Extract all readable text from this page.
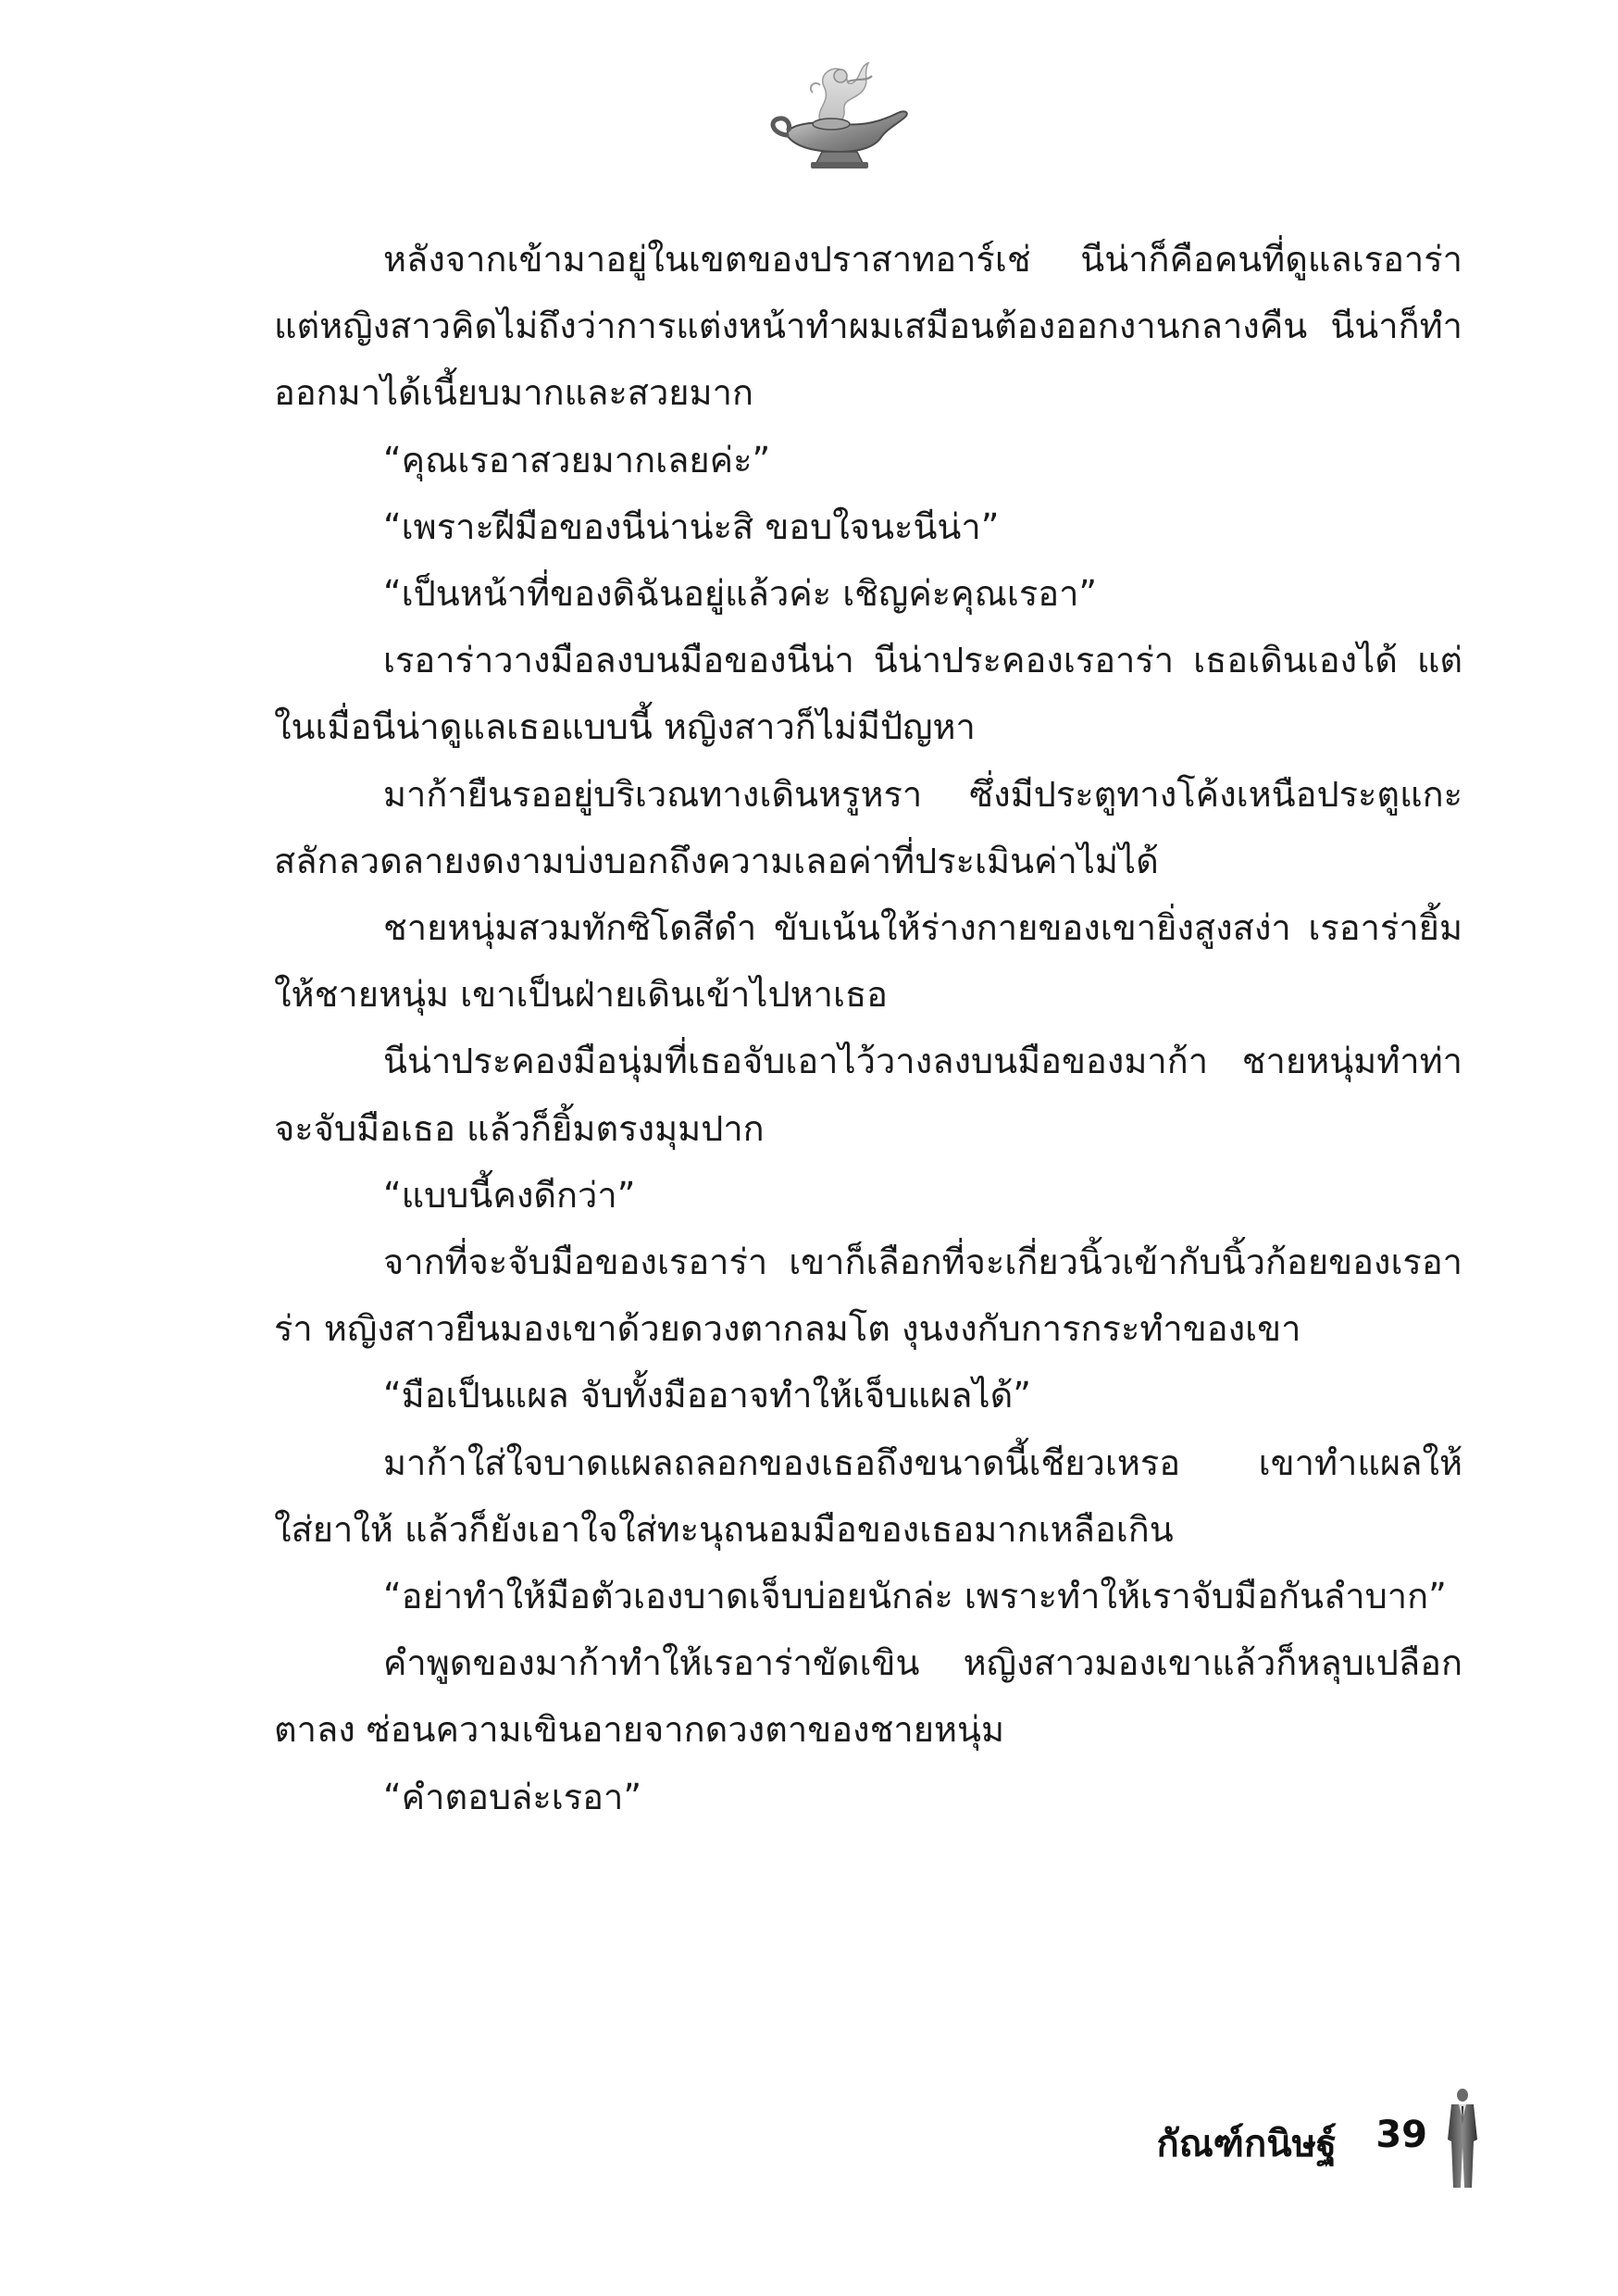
หลังจากเข้ามาอยู่ในเขตของปราสาทอาร์เช่ นีน่าก็คือคนที่ดูแลเรอาร่า แต่หญิงสาวคิดไม่ถึงว่าการแต่งหน้าทำผมเสมือนต้องออกงานกลางคืน นีน่าก็ทำออกมาได้เนี้ยบมากและสวยมาก

“คุณเรอาสวยมากเลยค่ะ”

“เพราะฝีมือของนีน่าน่ะสิ ขอบใจนะนีน่า”

“เป็นหน้าที่ของดิฉันอยู่แล้วค่ะ เชิญค่ะคุณเรอา”

เรอาร่าวางมือลงบนมือของนีน่า นีน่าประคองเรอาร่า เธอเดินเองได้ แต่ในเมื่อนีน่าดูแลเธอแบบนี้ หญิงสาวก็ไม่มีปัญหา

มาก้ายืนรออยู่บริเวณทางเดินหรูหรา ซึ่งมีประตูทางโค้งเหนือประตูแกะสลักลวดลายงดงามบ่งบอกถึงความเลอค่าที่ประเมินค่าไม่ได้

ชายหนุ่มสวมทักซิโดสีดำ ขับเน้นให้ร่างกายของเขายิ่งสูงสง่า เรอาร่ายิ้มให้ชายหนุ่ม เขาเป็นฝ่ายเดินเข้าไปหาเธอ

นีน่าประคองมือนุ่มที่เธอจับเอาไว้วางลงบนมือของมาก้า ชายหนุ่มทำท่าจะจับมือเธอ แล้วก็ยิ้มตรงมุมปาก

“แบบนี้คงดีกว่า”

จากที่จะจับมือของเรอาร่า เขาก็เลือกที่จะเกี่ยวนิ้วเข้ากับนิ้วก้อยของเรอาร่า หญิงสาวยืนมองเขาด้วยดวงตากลมโต งุนงงกับการกระทำของเขา

“มือเป็นแผล จับทั้งมืออาจทำให้เจ็บแผลได้”

มาก้าใส่ใจบาดแผลถลอกของเธอถึงขนาดนี้เชียวเหรอ เขาทำแผลให้ ใส่ยาให้ แล้วก็ยังเอาใจใส่ทะนุถนอมมือของเธอมากเหลือเกิน

“อย่าทำให้มือตัวเองบาดเจ็บบ่อยนักล่ะ เพราะทำให้เราจับมือกันลำบาก”

คำพูดของมาก้าทำให้เรอาร่าขัดเขิน หญิงสาวมองเขาแล้วก็หลุบเปลือกตาลง ซ่อนความเขินอายจากดวงตาของชายหนุ่ม

“คำตอบล่ะเรอา”

กัณฑ์กนิษฐ์ 39
